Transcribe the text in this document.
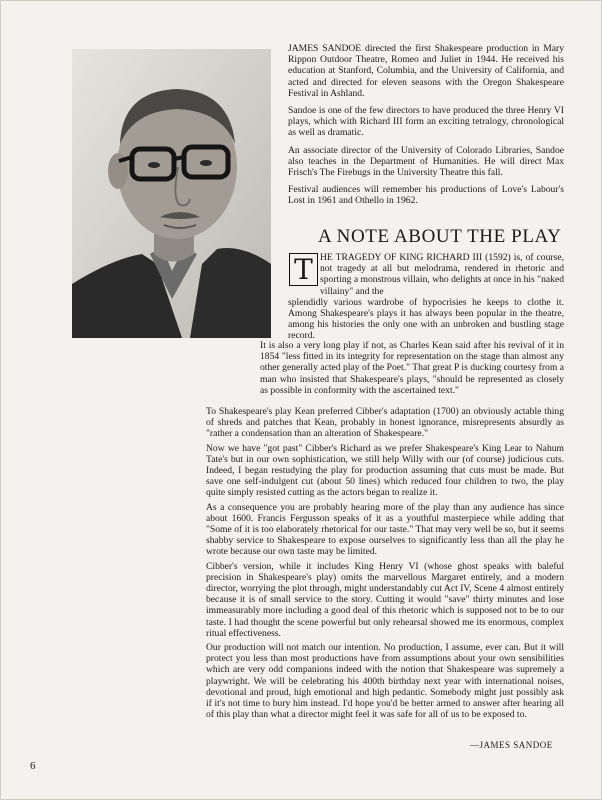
JAMES SANDOE directed the first Shakespeare production in Mary Rippon Outdoor Theatre, Romeo and Juliet in 1944. He received his education at Stanford, Columbia, and the University of California, and acted and directed for eleven seasons with the Oregon Shakespeare Festival in Ashland.

Sandoe is one of the few directors to have produced the three Henry VI plays, which with Richard III form an exciting tetralogy, chronological as well as dramatic.

An associate director of the University of Colorado Libraries, Sandoe also teaches in the Department of Humanities. He will direct Max Frisch's The Firebugs in the University Theatre this fall.

Festival audiences will remember his productions of Love's Labour's Lost in 1961 and Othello in 1962.

A NOTE ABOUT THE PLAY
T HE TRAGEDY OF KING RICHARD III (1592) is, of course, not tragedy at all but melodrama, rendered in rhetoric and sporting a monstrous villain, who delights at once in his "naked villainy" and the
splendidly various wardrobe of hypocrisies he keeps to clothe it. Among Shakespeare's plays it has always been popular in the theatre, among his histories the only one with an unbroken and bustling stage record.

It is also a very long play if not, as Charles Kean said after his revival of it in 1854 "less fitted in its integrity for representation on the stage than almost any other generally acted play of the Poet." That great P is ducking courtesy from a man who insisted that Shakespeare's plays, "should be represented as closely as possible in conformity with the ascertained text."

To Shakespeare's play Kean preferred Cibber's adaptation (1700) an obviously actable thing of shreds and patches that Kean, probably in honest ignorance, misrepresents absurdly as "rather a condensation than an alteration of Shakespeare."

Now we have "got past" Cibber's Richard as we prefer Shakespeare's King Lear to Nahum Tate's but in our own sophistication, we still help Willy with our (of course) judicious cuts. Indeed, I began restudying the play for production assuming that cuts must be made. But save one self-indulgent cut (about 50 lines) which reduced four children to two, the play quite simply resisted cutting as the actors began to realize it.

As a consequence you are probably hearing more of the play than any audience has since about 1600. Francis Fergusson speaks of it as a youthful masterpiece while adding that "Some of it is too elaborately rhetorical for our taste." That may very well be so, but it seems shabby service to Shakespeare to expose ourselves to significantly less than all the play he wrote because our own taste may be limited.

Cibber's version, while it includes King Henry VI (whose ghost speaks with baleful precision in Shakespeare's play) omits the marvellous Margaret entirely, and a modern director, worrying the plot through, might understandably cut Act IV, Scene 4 almost entirely because it is of small service to the story. Cutting it would "save" thirty minutes and lose immeasurably more including a good deal of this rhetoric which is supposed not to be to our taste. I had thought the scene powerful but only rehearsal showed me its enormous, complex ritual effectiveness.

Our production will not match our intention. No production, I assume, ever can. But it will protect you less than most productions have from assumptions about your own sensibilities which are very odd companions indeed with the notion that Shakespeare was supremely a playwright. We will be celebrating his 400th birthday next year with international noises, devotional and proud, high emotional and high pedantic. Somebody might just possibly ask if it's not time to bury him instead. I'd hope you'd be better armed to answer after hearing all of this play than what a director might feel it was safe for all of us to be exposed to.

—JAMES SANDOE
6
